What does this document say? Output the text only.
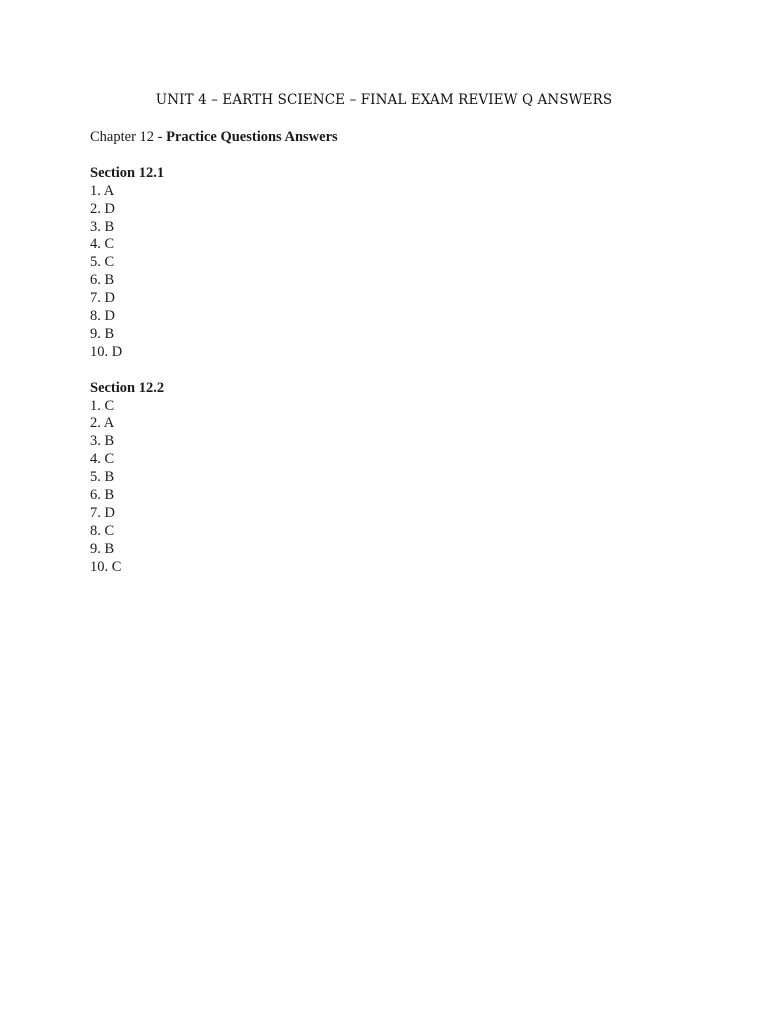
UNIT 4 – EARTH SCIENCE – FINAL EXAM REVIEW Q ANSWERS

Chapter 12 - Practice Questions Answers

Section 12.1

1. A
2. D
3. B
4. C
5. C
6. B
7. D
8. D
9. B
10. D

Section 12.2

1. C
2. A
3. B
4. C
5. B
6. B
7. D
8. C
9. B
10. C
